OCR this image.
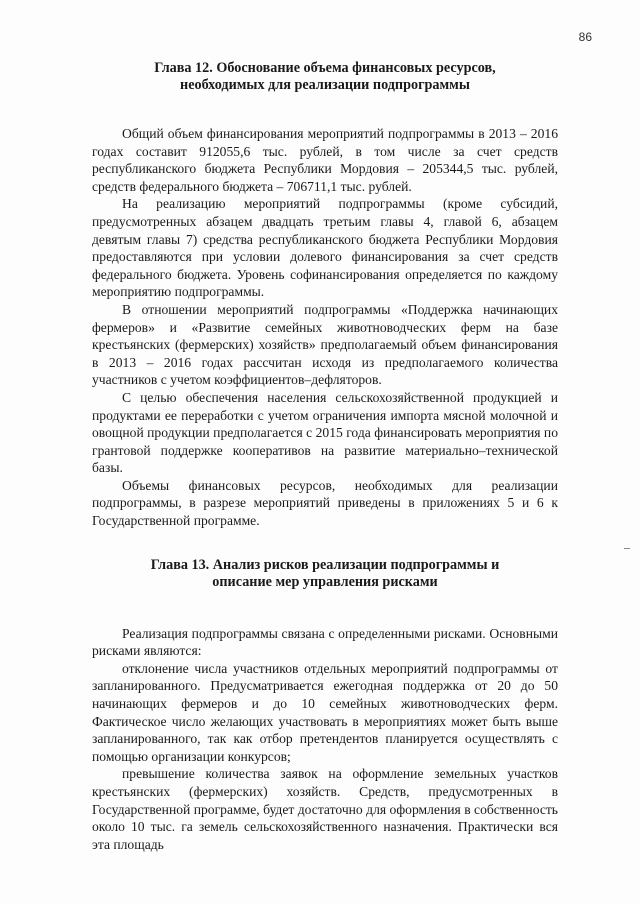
86
Глава 12. Обоснование объема финансовых ресурсов,
необходимых для реализации подпрограммы

Общий объем финансирования мероприятий подпрограммы в 2013 – 2016 годах составит 912055,6 тыс. рублей, в том числе за счет средств республиканского бюджета Республики Мордовия – 205344,5 тыс. рублей, средств федерального бюджета – 706711,1 тыс. рублей.

На реализацию мероприятий подпрограммы (кроме субсидий, предусмотренных абзацем двадцать третьим главы 4, главой 6, абзацем девятым главы 7) средства республиканского бюджета Республики Мордовия предоставляются при условии долевого финансирования за счет средств федерального бюджета. Уровень софинансирования определяется по каждому мероприятию подпрограммы.

В отношении мероприятий подпрограммы «Поддержка начинающих фермеров» и «Развитие семейных животноводческих ферм на базе крестьянских (фермерских) хозяйств» предполагаемый объем финансирования в 2013 – 2016 годах рассчитан исходя из предполагаемого количества участников с учетом коэффициентов–дефляторов.

С целью обеспечения населения сельскохозяйственной продукцией и продуктами ее переработки с учетом ограничения импорта мясной молочной и овощной продукции предполагается с 2015 года финансировать мероприятия по грантовой поддержке кооперативов на развитие материально–технической базы.

Объемы финансовых ресурсов, необходимых для реализации подпрограммы, в разрезе мероприятий приведены в приложениях 5 и 6 к Государственной программе.

Глава 13. Анализ рисков реализации подпрограммы и
описание мер управления рисками

Реализация подпрограммы связана с определенными рисками. Основными рисками являются:

отклонение числа участников отдельных мероприятий подпрограммы от запланированного. Предусматривается ежегодная поддержка от 20 до 50 начинающих фермеров и до 10 семейных животноводческих ферм. Фактическое число желающих участвовать в мероприятиях может быть выше запланированного, так как отбор претендентов планируется осуществлять с помощью организации конкурсов;

превышение количества заявок на оформление земельных участков крестьянских (фермерских) хозяйств. Средств, предусмотренных в Государственной программе, будет достаточно для оформления в собственность около 10 тыс. га земель сельскохозяйственного назначения. Практически вся эта площадь
